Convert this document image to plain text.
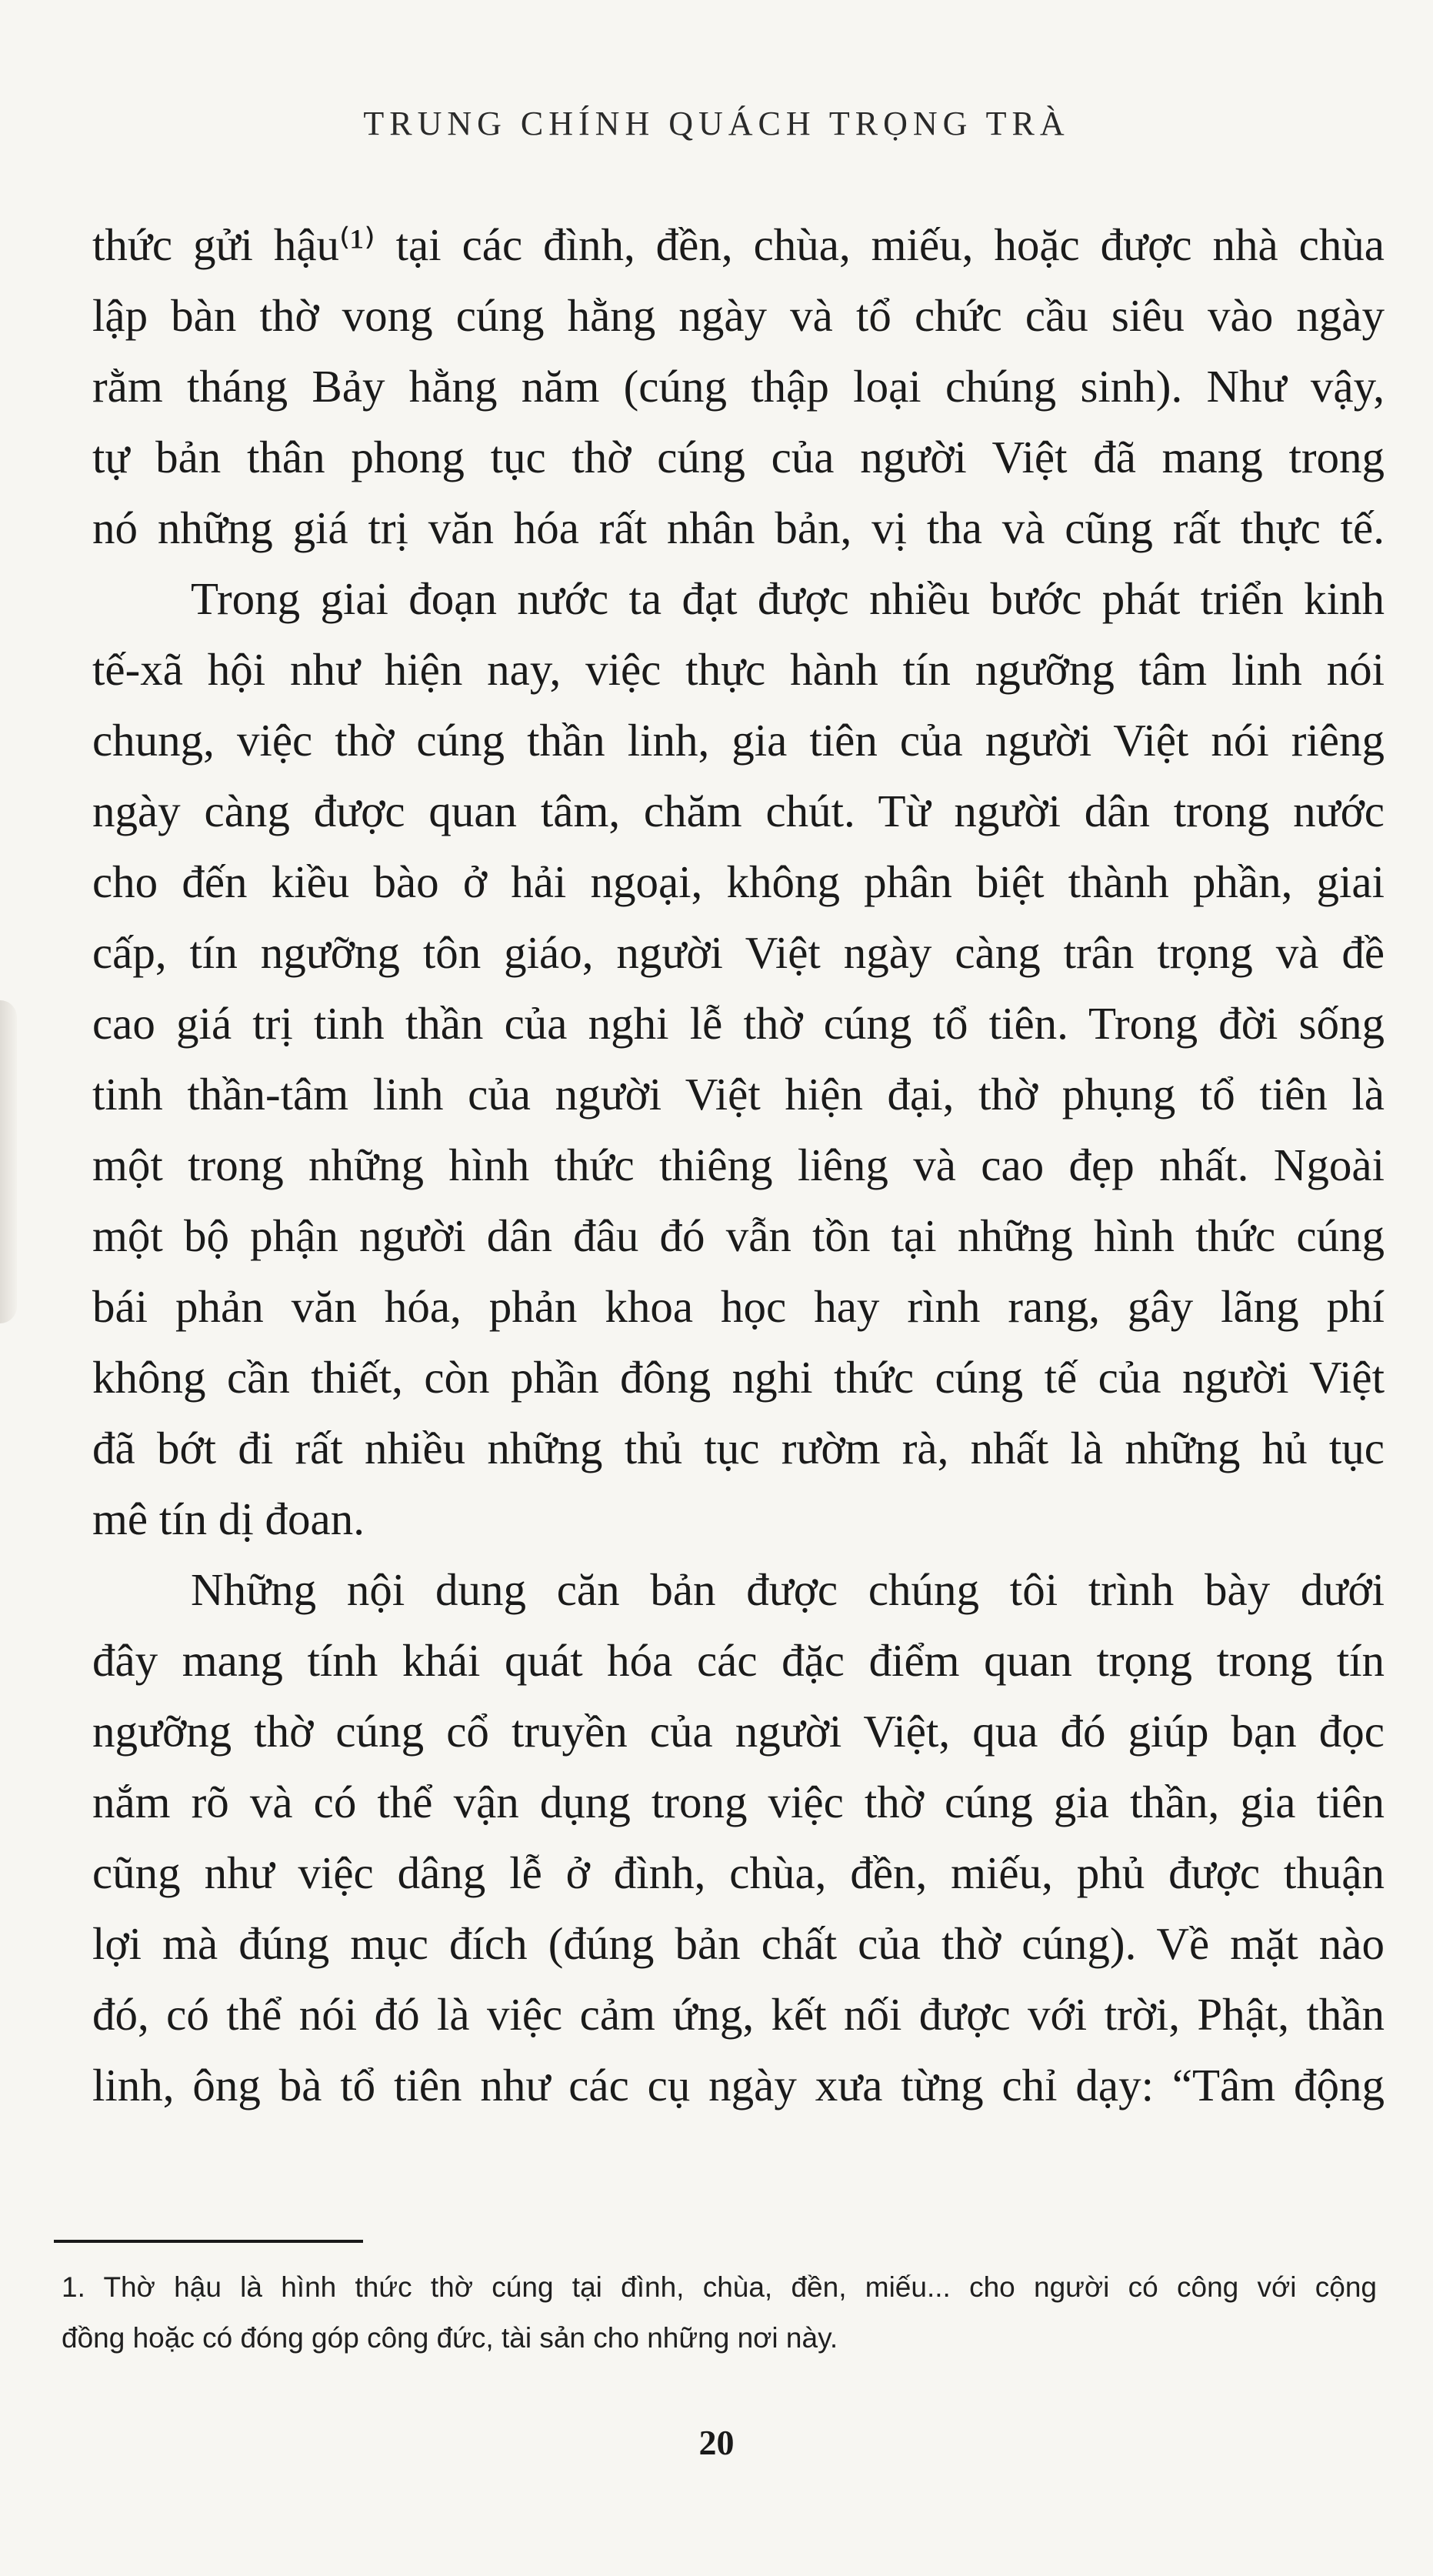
TRUNG CHÍNH QUÁCH TRỌNG TRÀ
thức gửi hậu⁽¹⁾ tại các đình, đền, chùa, miếu, hoặc được nhà chùa
lập bàn thờ vong cúng hằng ngày và tổ chức cầu siêu vào ngày
rằm tháng Bảy hằng năm (cúng thập loại chúng sinh). Như vậy,
tự bản thân phong tục thờ cúng của người Việt đã mang trong
nó những giá trị văn hóa rất nhân bản, vị tha và cũng rất thực tế.
Trong giai đoạn nước ta đạt được nhiều bước phát triển kinh
tế-xã hội như hiện nay, việc thực hành tín ngưỡng tâm linh nói
chung, việc thờ cúng thần linh, gia tiên của người Việt nói riêng
ngày càng được quan tâm, chăm chút. Từ người dân trong nước
cho đến kiều bào ở hải ngoại, không phân biệt thành phần, giai
cấp, tín ngưỡng tôn giáo, người Việt ngày càng trân trọng và đề
cao giá trị tinh thần của nghi lễ thờ cúng tổ tiên. Trong đời sống
tinh thần-tâm linh của người Việt hiện đại, thờ phụng tổ tiên là
một trong những hình thức thiêng liêng và cao đẹp nhất. Ngoài
một bộ phận người dân đâu đó vẫn tồn tại những hình thức cúng
bái phản văn hóa, phản khoa học hay rình rang, gây lãng phí
không cần thiết, còn phần đông nghi thức cúng tế của người Việt
đã bớt đi rất nhiều những thủ tục rườm rà, nhất là những hủ tục
mê tín dị đoan.
Những nội dung căn bản được chúng tôi trình bày dưới
đây mang tính khái quát hóa các đặc điểm quan trọng trong tín
ngưỡng thờ cúng cổ truyền của người Việt, qua đó giúp bạn đọc
nắm rõ và có thể vận dụng trong việc thờ cúng gia thần, gia tiên
cũng như việc dâng lễ ở đình, chùa, đền, miếu, phủ được thuận
lợi mà đúng mục đích (đúng bản chất của thờ cúng). Về mặt nào
đó, có thể nói đó là việc cảm ứng, kết nối được với trời, Phật, thần
linh, ông bà tổ tiên như các cụ ngày xưa từng chỉ dạy: “Tâm động
1. Thờ hậu là hình thức thờ cúng tại đình, chùa, đền, miếu... cho người có công với cộng
đồng hoặc có đóng góp công đức, tài sản cho những nơi này.
20
